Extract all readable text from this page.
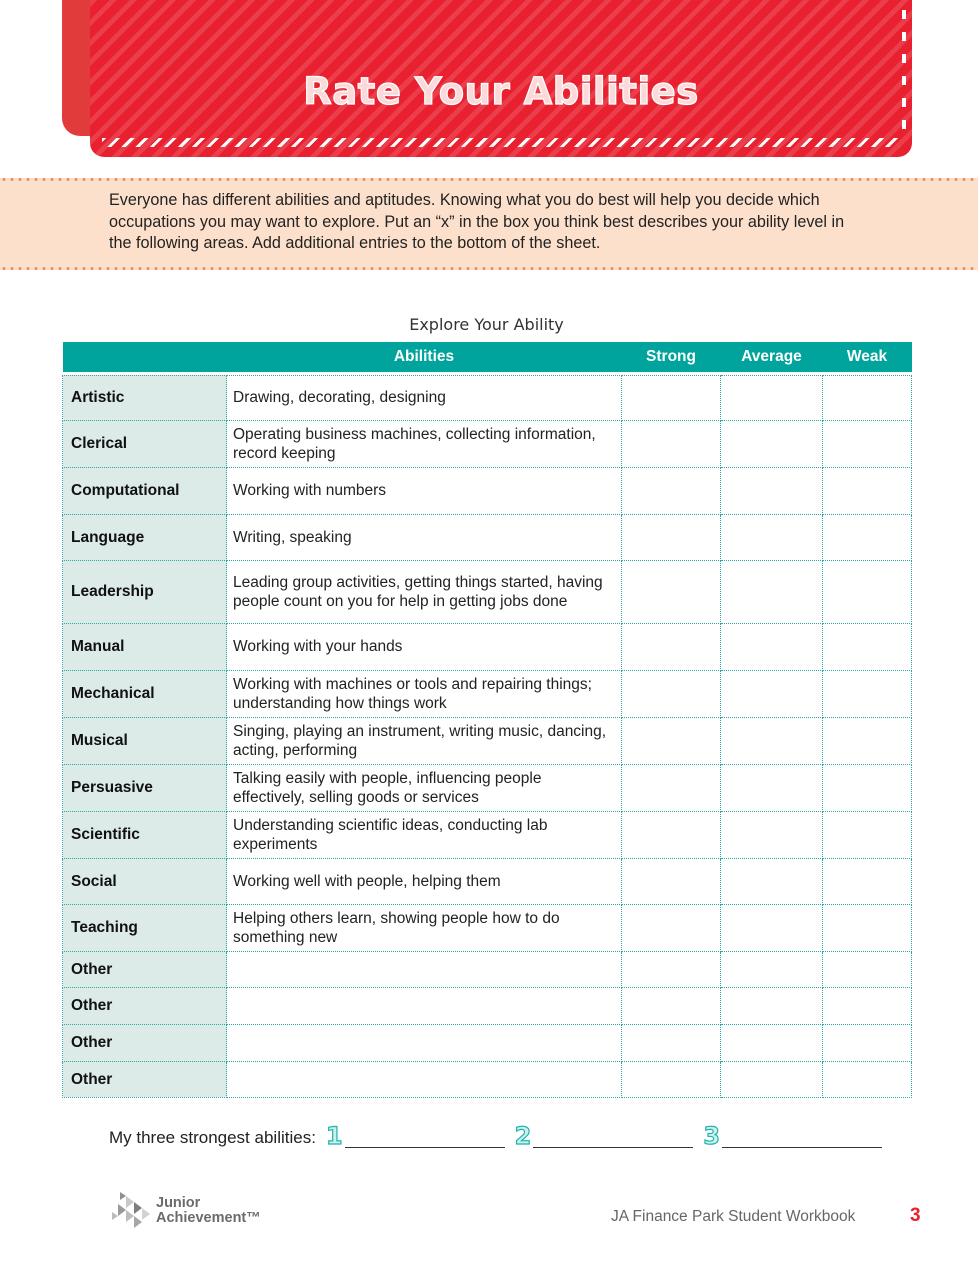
Rate Your Abilities

Everyone has different abilities and aptitudes. Knowing what you do best will help you decide which occupations you may want to explore. Put an “x” in the box you think best describes your ability level in the following areas. Add additional entries to the bottom of the sheet.

Explore Your Ability
	Abilities	Strong	Average	Weak

Artistic	Drawing, decorating, designing			
Clerical	Operating business machines, collecting information, record keeping			
Computational	Working with numbers			
Language	Writing, speaking			
Leadership	Leading group activities, getting things started, having people count on you for help in getting jobs done			
Manual	Working with your hands			
Mechanical	Working with machines or tools and repairing things; understanding how things work			
Musical	Singing, playing an instrument, writing music, dancing, acting, performing			
Persuasive	Talking easily with people, influencing people effectively, selling goods or services			
Scientific	Understanding scientific ideas, conducting lab experiments			
Social	Working well with people, helping them			
Teaching	Helping others learn, showing people how to do something new			
Other				
Other				
Other				
Other				
My three strongest abilities: 1	2	3
Junior
Achievement™	JA Finance Park Student Workbook	3
